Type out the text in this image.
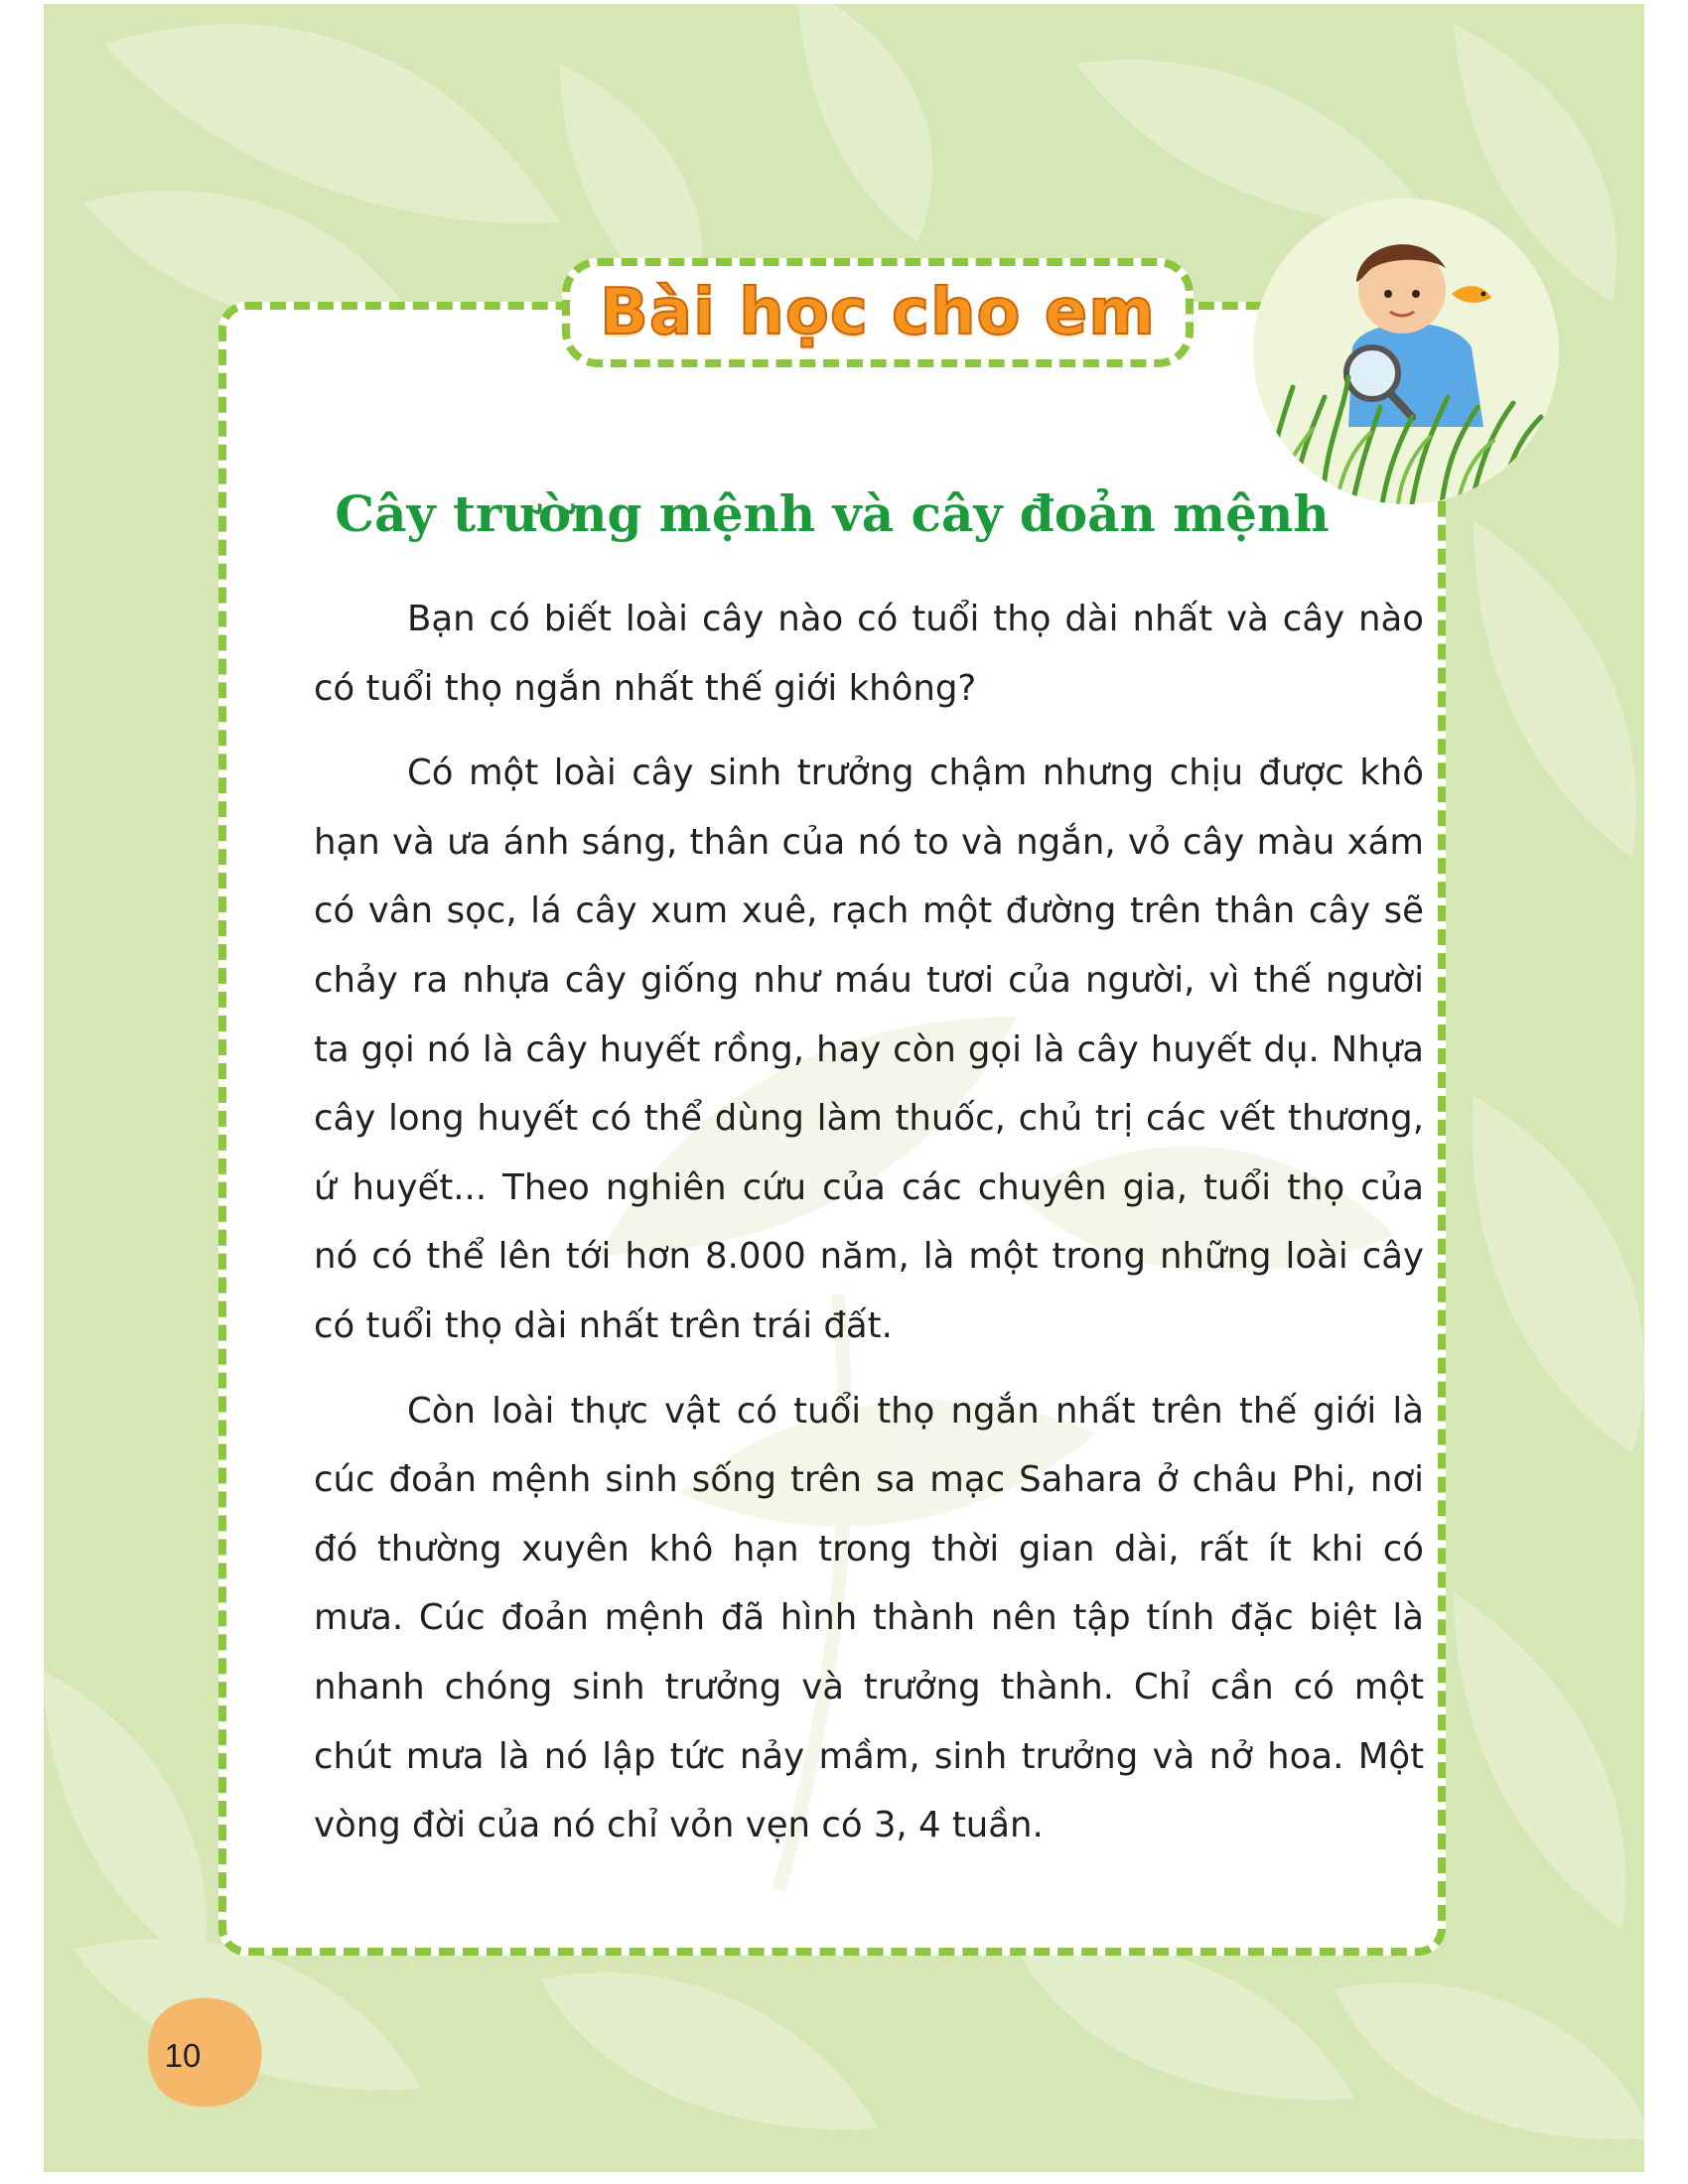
Bài học cho em
Cây trường mệnh và cây đoản mệnh

Bạn có biết loài cây nào có tuổi thọ dài nhất và cây nào có tuổi thọ ngắn nhất thế giới không?

Có một loài cây sinh trưởng chậm nhưng chịu được khô hạn và ưa ánh sáng, thân của nó to và ngắn, vỏ cây màu xám có vân sọc, lá cây xum xuê, rạch một đường trên thân cây sẽ chảy ra nhựa cây giống như máu tươi của người, vì thế người ta gọi nó là cây huyết rồng, hay còn gọi là cây huyết dụ. Nhựa cây long huyết có thể dùng làm thuốc, chủ trị các vết thương, ứ huyết... Theo nghiên cứu của các chuyên gia, tuổi thọ của nó có thể lên tới hơn 8.000 năm, là một trong những loài cây có tuổi thọ dài nhất trên trái đất.

Còn loài thực vật có tuổi thọ ngắn nhất trên thế giới là cúc đoản mệnh sinh sống trên sa mạc Sahara ở châu Phi, nơi đó thường xuyên khô hạn trong thời gian dài, rất ít khi có mưa. Cúc đoản mệnh đã hình thành nên tập tính đặc biệt là nhanh chóng sinh trưởng và trưởng thành. Chỉ cần có một chút mưa là nó lập tức nảy mầm, sinh trưởng và nở hoa. Một vòng đời của nó chỉ vỏn vẹn có 3, 4 tuần.

10
